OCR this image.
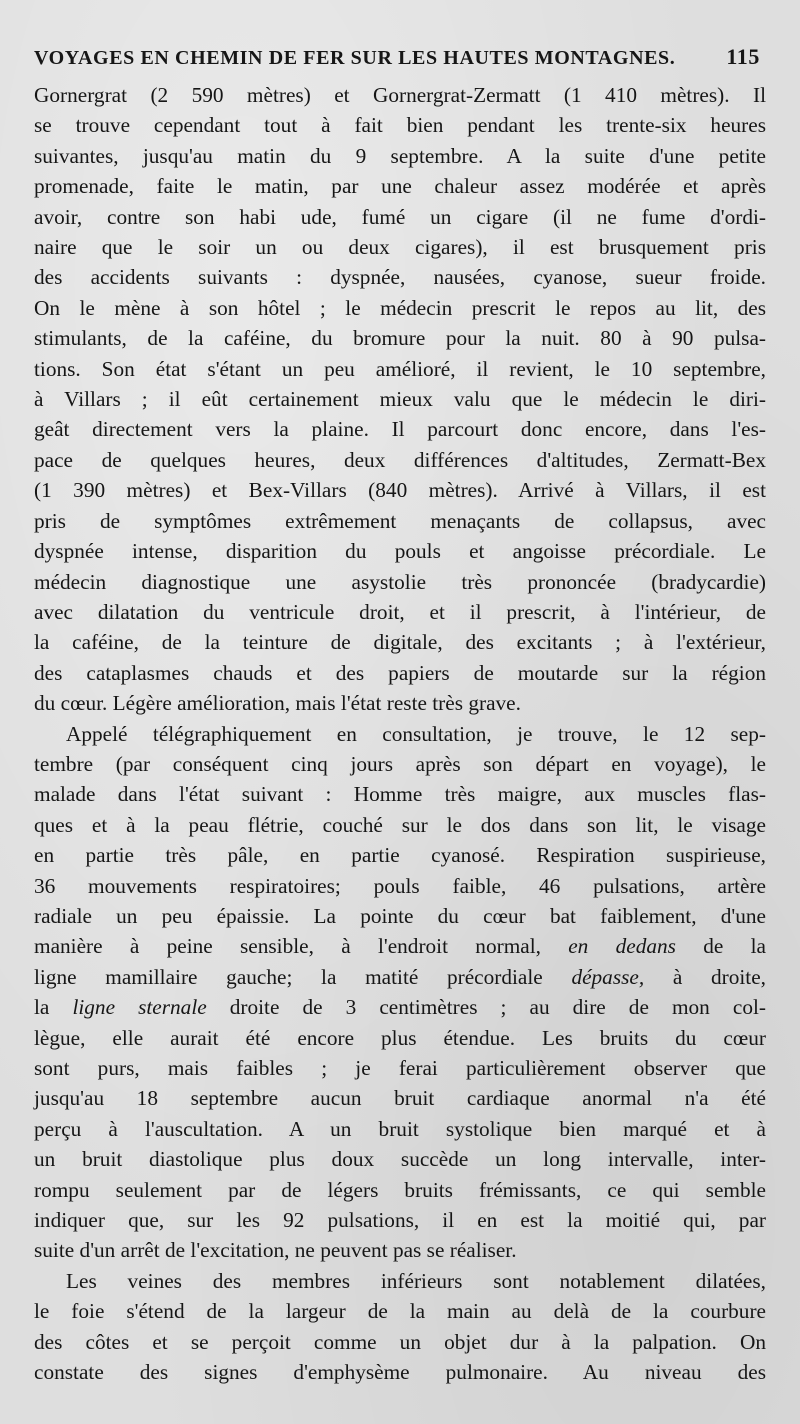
VOYAGES EN CHEMIN DE FER SUR LES HAUTES MONTAGNES. 115

Gornergrat (2 590 mètres) et Gornergrat-Zermatt (1 410 mètres). Il
se trouve cependant tout à fait bien pendant les trente-six heures
suivantes, jusqu'au matin du 9 septembre. A la suite d'une petite
promenade, faite le matin, par une chaleur assez modérée et après
avoir, contre son habi ude, fumé un cigare (il ne fume d'ordi-
naire que le soir un ou deux cigares), il est brusquement pris
des accidents suivants : dyspnée, nausées, cyanose, sueur froide.
On le mène à son hôtel ; le médecin prescrit le repos au lit, des
stimulants, de la caféine, du bromure pour la nuit. 80 à 90 pulsa-
tions. Son état s'étant un peu amélioré, il revient, le 10 septembre,
à Villars ; il eût certainement mieux valu que le médecin le diri-
geât directement vers la plaine. Il parcourt donc encore, dans l'es-
pace de quelques heures, deux différences d'altitudes, Zermatt-Bex
(1 390 mètres) et Bex-Villars (840 mètres). Arrivé à Villars, il est
pris de symptômes extrêmement menaçants de collapsus, avec
dyspnée intense, disparition du pouls et angoisse précordiale. Le
médecin diagnostique une asystolie très prononcée (bradycardie)
avec dilatation du ventricule droit, et il prescrit, à l'intérieur, de
la caféine, de la teinture de digitale, des excitants ; à l'extérieur,
des cataplasmes chauds et des papiers de moutarde sur la région
du cœur. Légère amélioration, mais l'état reste très grave.

Appelé télégraphiquement en consultation, je trouve, le 12 sep-
tembre (par conséquent cinq jours après son départ en voyage), le
malade dans l'état suivant : Homme très maigre, aux muscles flas-
ques et à la peau flétrie, couché sur le dos dans son lit, le visage
en partie très pâle, en partie cyanosé. Respiration suspirieuse,
36 mouvements respiratoires; pouls faible, 46 pulsations, artère
radiale un peu épaissie. La pointe du cœur bat faiblement, d'une
manière à peine sensible, à l'endroit normal, en dedans de la
ligne mamillaire gauche; la matité précordiale dépasse, à droite,
la ligne sternale droite de 3 centimètres ; au dire de mon col-
lègue, elle aurait été encore plus étendue. Les bruits du cœur
sont purs, mais faibles ; je ferai particulièrement observer que
jusqu'au 18 septembre aucun bruit cardiaque anormal n'a été
perçu à l'auscultation. A un bruit systolique bien marqué et à
un bruit diastolique plus doux succède un long intervalle, inter-
rompu seulement par de légers bruits frémissants, ce qui semble
indiquer que, sur les 92 pulsations, il en est la moitié qui, par
suite d'un arrêt de l'excitation, ne peuvent pas se réaliser.

Les veines des membres inférieurs sont notablement dilatées,
le foie s'étend de la largeur de la main au delà de la courbure
des côtes et se perçoit comme un objet dur à la palpation. On
constate des signes d'emphysème pulmonaire. Au niveau des
